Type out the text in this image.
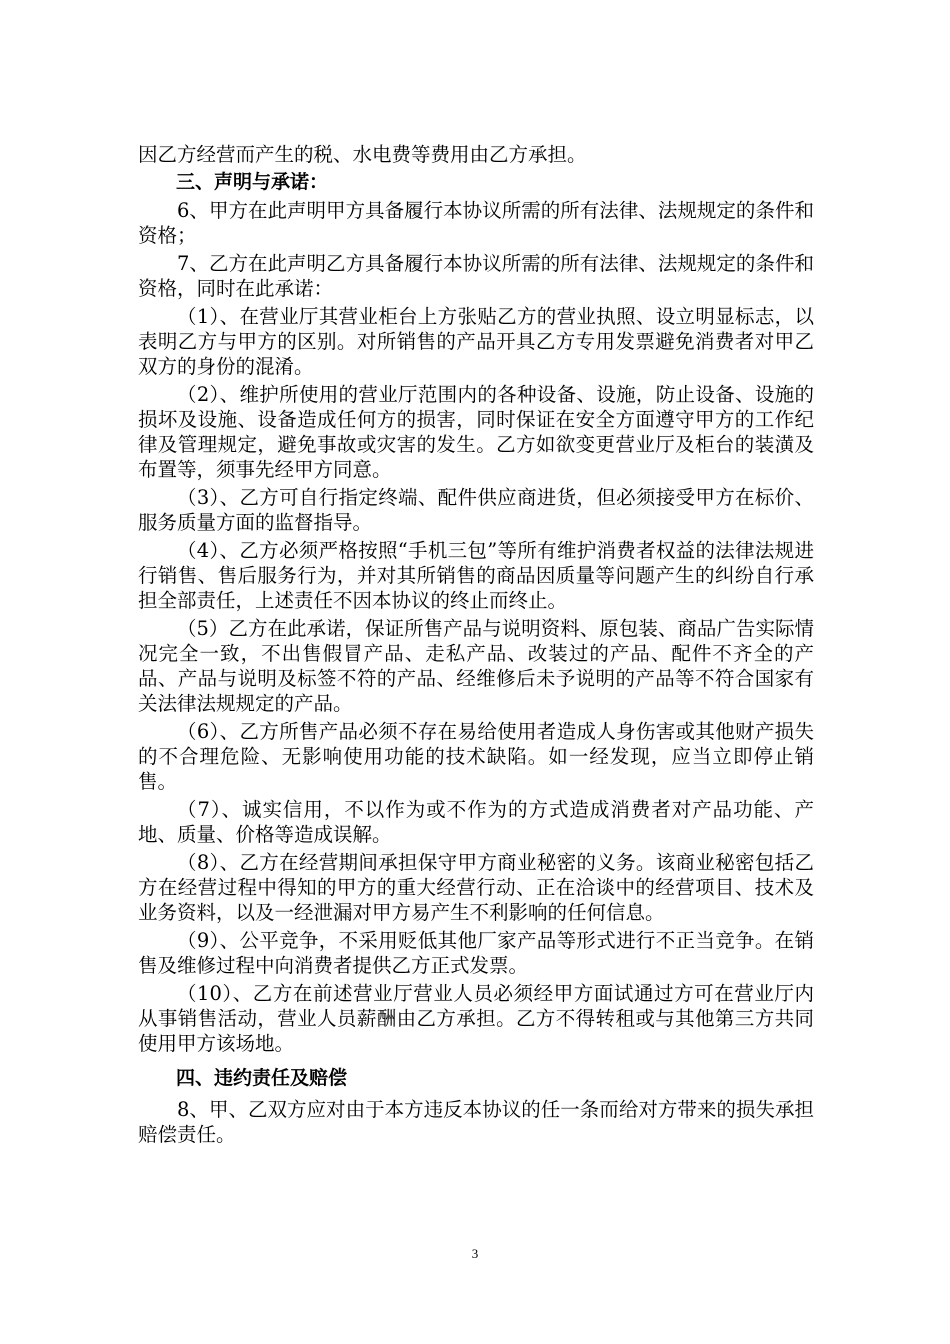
因乙方经营而产生的税、水电费等费用由乙方承担。

三、声明与承诺：

6、甲方在此声明甲方具备履行本协议所需的所有法律、法规规定的条件和资格；

7、乙方在此声明乙方具备履行本协议所需的所有法律、法规规定的条件和资格，同时在此承诺：

（1）、在营业厅其营业柜台上方张贴乙方的营业执照、设立明显标志，以表明乙方与甲方的区别。对所销售的产品开具乙方专用发票避免消费者对甲乙双方的身份的混淆。

（2）、维护所使用的营业厅范围内的各种设备、设施，防止设备、设施的损坏及设施、设备造成任何方的损害，同时保证在安全方面遵守甲方的工作纪律及管理规定，避免事故或灾害的发生。乙方如欲变更营业厅及柜台的装潢及布置等，须事先经甲方同意。

（3）、乙方可自行指定终端、配件供应商进货，但必须接受甲方在标价、服务质量方面的监督指导。

（4）、乙方必须严格按照“手机三包”等所有维护消费者权益的法律法规进行销售、售后服务行为，并对其所销售的商品因质量等问题产生的纠纷自行承担全部责任，上述责任不因本协议的终止而终止。

（5）乙方在此承诺，保证所售产品与说明资料、原包装、商品广告实际情况完全一致，不出售假冒产品、走私产品、改装过的产品、配件不齐全的产品、产品与说明及标签不符的产品、经维修后未予说明的产品等不符合国家有关法律法规规定的产品。

（6）、乙方所售产品必须不存在易给使用者造成人身伤害或其他财产损失的不合理危险、无影响使用功能的技术缺陷。如一经发现，应当立即停止销售。

（7）、诚实信用，不以作为或不作为的方式造成消费者对产品功能、产地、质量、价格等造成误解。

（8）、乙方在经营期间承担保守甲方商业秘密的义务。该商业秘密包括乙方在经营过程中得知的甲方的重大经营行动、正在洽谈中的经营项目、技术及业务资料，以及一经泄漏对甲方易产生不利影响的任何信息。

（9）、公平竞争，不采用贬低其他厂家产品等形式进行不正当竞争。在销售及维修过程中向消费者提供乙方正式发票。

（10）、乙方在前述营业厅营业人员必须经甲方面试通过方可在营业厅内从事销售活动，营业人员薪酬由乙方承担。乙方不得转租或与其他第三方共同使用甲方该场地。

四、违约责任及赔偿

8、甲、乙双方应对由于本方违反本协议的任一条而给对方带来的损失承担赔偿责任。

3
